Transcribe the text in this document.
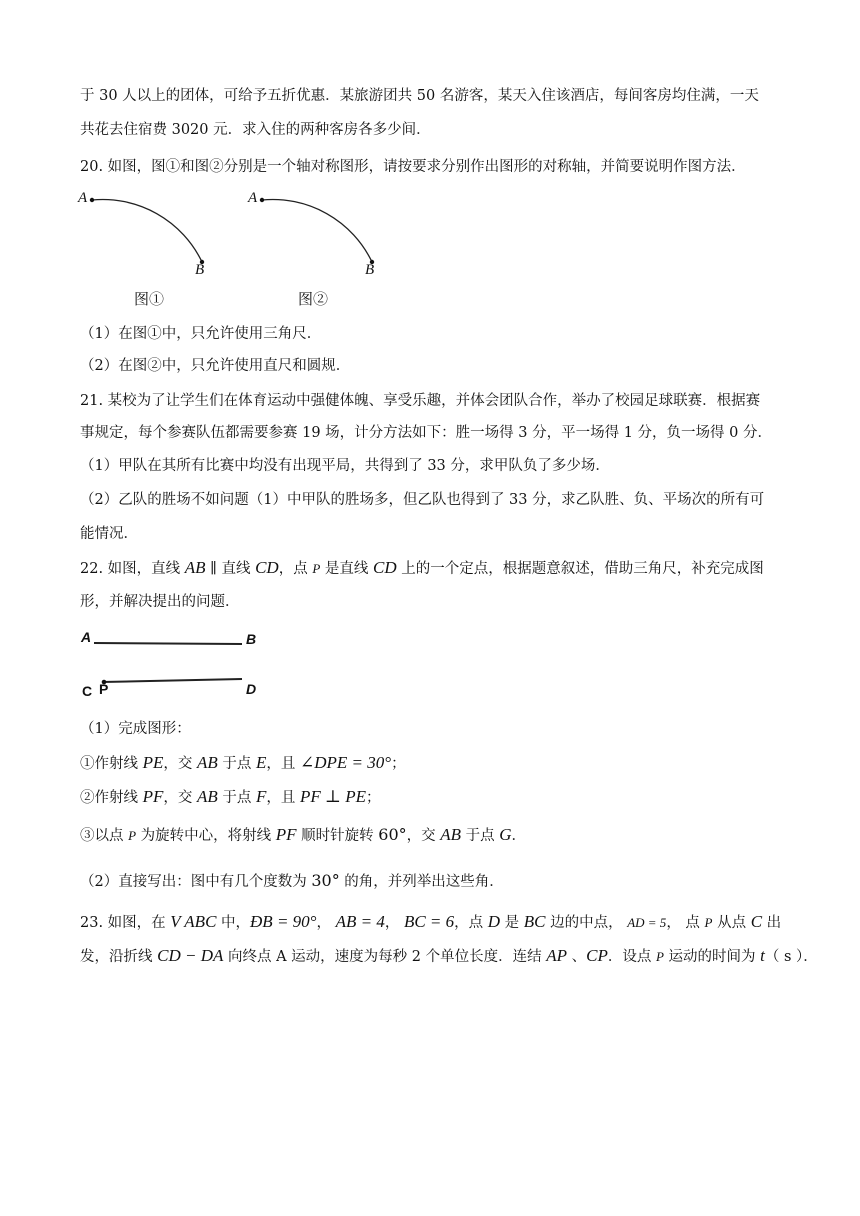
于 30 人以上的团体，可给予五折优惠．某旅游团共 50 名游客，某天入住该酒店，每间客房均住满，一天
共花去住宿费 3020 元．求入住的两种客房各多少间．
20. 如图，图①和图②分别是一个轴对称图形，请按要求分别作出图形的对称轴，并简要说明作图方法．
A
B
图①
A
B
图②
（1）在图①中，只允许使用三角尺．
（2）在图②中，只允许使用直尺和圆规．
21. 某校为了让学生们在体育运动中强健体魄、享受乐趣，并体会团队合作，举办了校园足球联赛．根据赛
事规定，每个参赛队伍都需要参赛 19 场，计分方法如下：胜一场得 3 分，平一场得 1 分，负一场得 0 分．
（1）甲队在其所有比赛中均没有出现平局，共得到了 33 分，求甲队负了多少场．
（2）乙队的胜场不如问题（1）中甲队的胜场多，但乙队也得到了 33 分，求乙队胜、负、平场次的所有可
能情况．
22. 如图，直线 AB ∥ 直线 CD，点 P 是直线 CD 上的一个定点，根据题意叙述，借助三角尺，补充完成图
形，并解决提出的问题．
A	B
C P	D
（1）完成图形：
①作射线 PE，交 AB 于点 E，且 ∠DPE = 30°；
②作射线 PF，交 AB 于点 F，且 PF ⊥ PE；
③以点 P 为旋转中心，将射线 PF 顺时针旋转 60°，交 AB 于点 G．
（2）直接写出：图中有几个度数为 30° 的角，并列举出这些角．
23. 如图，在 V ABC 中，ÐB = 90°， AB = 4， BC = 6，点 D 是 BC 边的中点， AD = 5， 点 P 从点 C 出
发，沿折线 CD − DA 向终点 A 运动，速度为每秒 2 个单位长度．连结 AP 、CP．设点 P 运动的时间为 t（ s ）．
